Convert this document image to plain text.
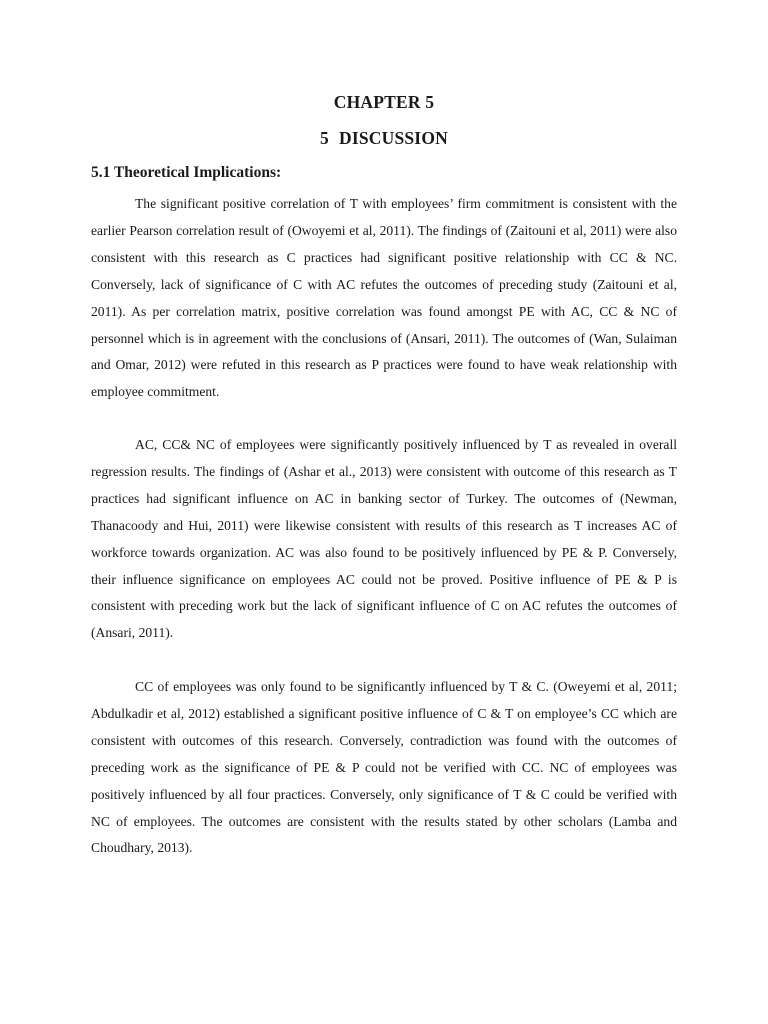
CHAPTER 5
5 DISCUSSION
5.1 Theoretical Implications:

The significant positive correlation of T with employees’ firm commitment is consistent with the earlier Pearson correlation result of (Owoyemi et al, 2011). The findings of (Zaitouni et al, 2011) were also consistent with this research as C practices had significant positive relationship with CC & NC. Conversely, lack of significance of C with AC refutes the outcomes of preceding study (Zaitouni et al, 2011). As per correlation matrix, positive correlation was found amongst PE with AC, CC & NC of personnel which is in agreement with the conclusions of (Ansari, 2011). The outcomes of (Wan, Sulaiman and Omar, 2012) were refuted in this research as P practices were found to have weak relationship with employee commitment.

AC, CC& NC of employees were significantly positively influenced by T as revealed in overall regression results. The findings of (Ashar et al., 2013) were consistent with outcome of this research as T practices had significant influence on AC in banking sector of Turkey. The outcomes of (Newman, Thanacoody and Hui, 2011) were likewise consistent with results of this research as T increases AC of workforce towards organization. AC was also found to be positively influenced by PE & P. Conversely, their influence significance on employees AC could not be proved. Positive influence of PE & P is consistent with preceding work but the lack of significant influence of C on AC refutes the outcomes of (Ansari, 2011).

CC of employees was only found to be significantly influenced by T & C. (Oweyemi et al, 2011; Abdulkadir et al, 2012) established a significant positive influence of C & T on employee’s CC which are consistent with outcomes of this research. Conversely, contradiction was found with the outcomes of preceding work as the significance of PE & P could not be verified with CC. NC of employees was positively influenced by all four practices. Conversely, only significance of T & C could be verified with NC of employees. The outcomes are consistent with the results stated by other scholars (Lamba and Choudhary, 2013).
